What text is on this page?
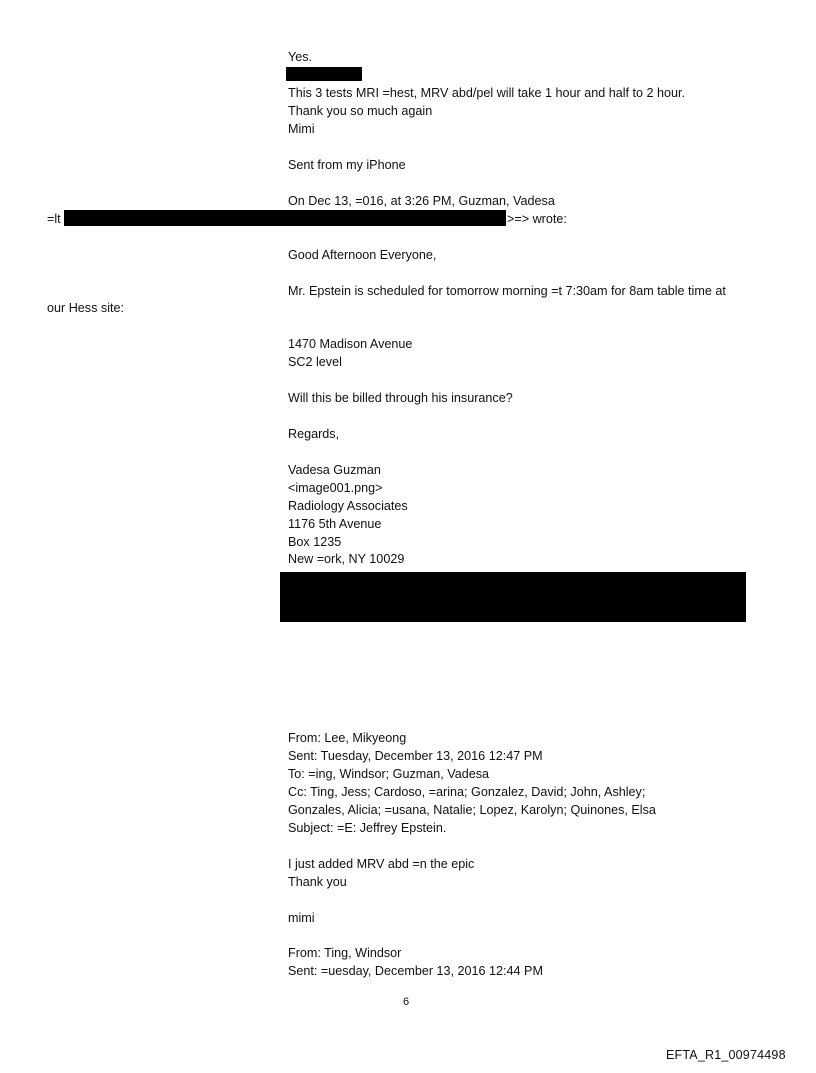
Yes.
This 3 tests MRI =hest, MRV abd/pel will take 1 hour and half to 2 hour.
Thank you so much again
Mimi
Sent from my iPhone
On Dec 13, =016, at 3:26 PM, Guzman, Vadesa
=lt	>=> wrote:
Good Afternoon Everyone,
Mr. Epstein is scheduled for tomorrow morning =t 7:30am for 8am table time at
our Hess site:
1470 Madison Avenue
SC2 level
Will this be billed through his insurance?
Regards,
Vadesa Guzman
<image001.png>
Radiology Associates
1176 5th Avenue
Box 1235
New =ork, NY 10029
From: Lee, Mikyeong
Sent: Tuesday, December 13, 2016 12:47 PM
To: =ing, Windsor; Guzman, Vadesa
Cc: Ting, Jess; Cardoso, =arina; Gonzalez, David; John, Ashley;
Gonzales, Alicia; =usana, Natalie; Lopez, Karolyn; Quinones, Elsa
Subject: =E: Jeffrey Epstein.
I just added MRV abd =n the epic
Thank you
mimi
From: Ting, Windsor
Sent: =uesday, December 13, 2016 12:44 PM
6
EFTA_R1_00974498
